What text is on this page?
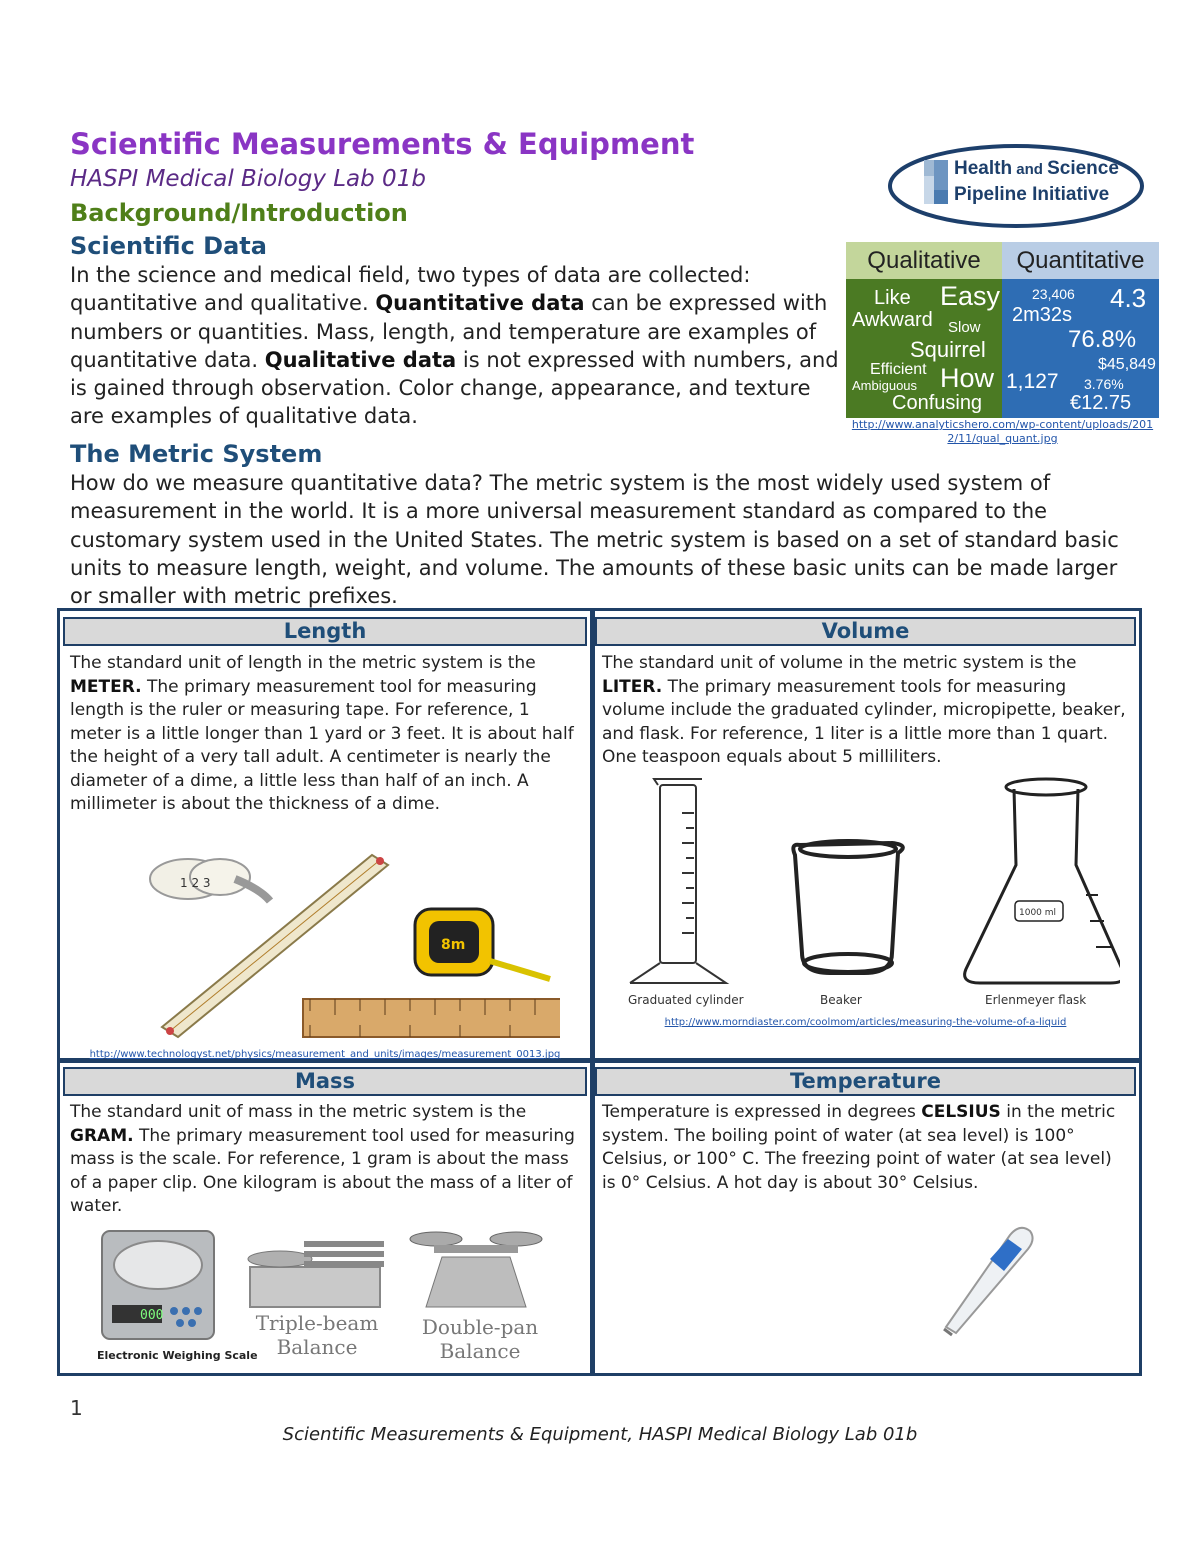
Scientific Measurements & Equipment
HASPI Medical Biology Lab 01b
Background/Introduction
Health and Science
Pipeline Initiative
Scientific Data
In the science and medical field, two types of data are collected: quantitative and qualitative. Quantitative data can be expressed with numbers or quantities. Mass, length, and temperature are examples of quantitative data. Qualitative data is not expressed with numbers, and is gained through observation. Color change, appearance, and texture are examples of qualitative data.
Qualitative	Quantitative
Like Easy
Awkward Slow
Squirrel
Efficient
Ambiguous How
Confusing
23,406 4.3
2m32s
76.8%
$45,849
1,127 3.76%
€12.75
http://www.analyticshero.com/wp-content/uploads/2012/11/qual_quant.jpg
The Metric System
How do we measure quantitative data? The metric system is the most widely used system of measurement in the world. It is a more universal measurement standard as compared to the customary system used in the United States. The metric system is based on a set of standard basic units to measure length, weight, and volume. The amounts of these basic units can be made larger or smaller with metric prefixes.
Length
The standard unit of length in the metric system is the METER. The primary measurement tool for measuring length is the ruler or measuring tape. For reference, 1 meter is a little longer than 1 yard or 3 feet. It is about half the height of a very tall adult. A centimeter is nearly the diameter of a dime, a little less than half of an inch. A millimeter is about the thickness of a dime.
1 2 3
8m
http://www.technologyst.net/physics/measurement_and_units/images/measurement_0013.jpg
Volume
The standard unit of volume in the metric system is the LITER. The primary measurement tools for measuring volume include the graduated cylinder, micropipette, beaker, and flask. For reference, 1 liter is a little more than 1 quart. One teaspoon equals about 5 milliliters.
1000 ml
Graduated cylinder	Beaker	Erlenmeyer flask
http://www.morndiaster.com/coolmom/articles/measuring-the-volume-of-a-liquid
Mass
The standard unit of mass in the metric system is the GRAM. The primary measurement tool used for measuring mass is the scale. For reference, 1 gram is about the mass of a paper clip. One kilogram is about the mass of a liter of water.
000
Electronic Weighing Scale
Triple-beam
Balance
Double-pan
Balance
Temperature
Temperature is expressed in degrees CELSIUS in the metric system. The boiling point of water (at sea level) is 100° Celsius, or 100° C. The freezing point of water (at sea level) is 0° Celsius. A hot day is about 30° Celsius.
1
Scientific Measurements & Equipment, HASPI Medical Biology Lab 01b
